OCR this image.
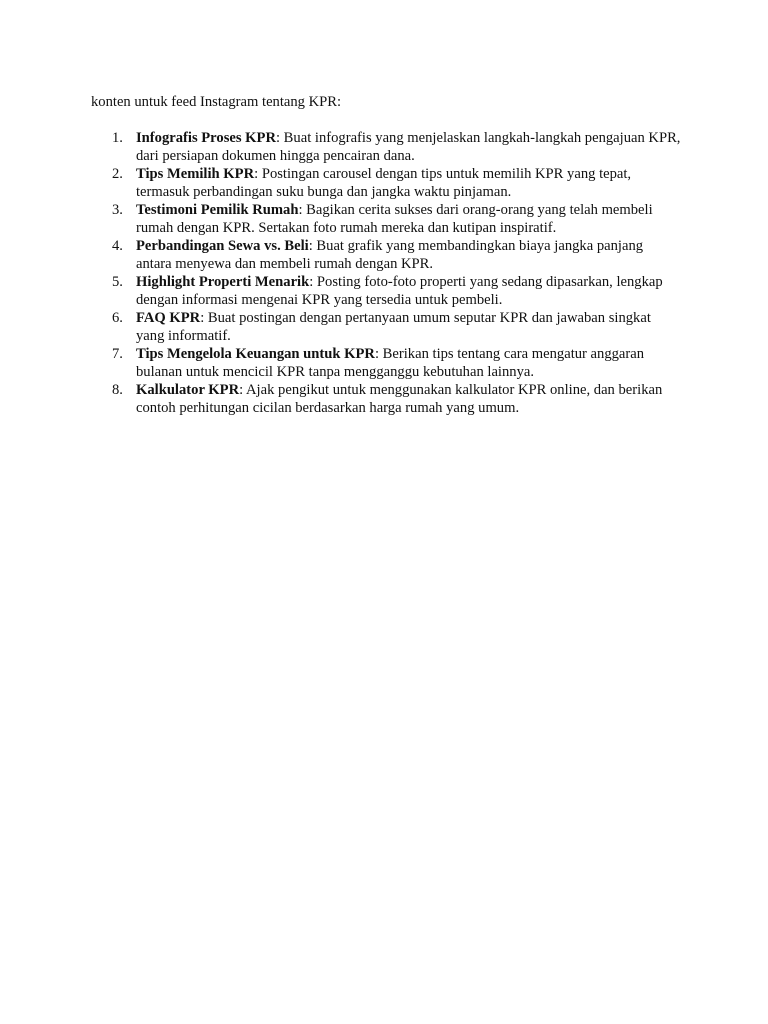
konten untuk feed Instagram tentang KPR:

1. Infografis Proses KPR: Buat infografis yang menjelaskan langkah-langkah pengajuan KPR, dari persiapan dokumen hingga pencairan dana.
2. Tips Memilih KPR: Postingan carousel dengan tips untuk memilih KPR yang tepat, termasuk perbandingan suku bunga dan jangka waktu pinjaman.
3. Testimoni Pemilik Rumah: Bagikan cerita sukses dari orang-orang yang telah membeli rumah dengan KPR. Sertakan foto rumah mereka dan kutipan inspiratif.
4. Perbandingan Sewa vs. Beli: Buat grafik yang membandingkan biaya jangka panjang antara menyewa dan membeli rumah dengan KPR.
5. Highlight Properti Menarik: Posting foto-foto properti yang sedang dipasarkan, lengkap dengan informasi mengenai KPR yang tersedia untuk pembeli.
6. FAQ KPR: Buat postingan dengan pertanyaan umum seputar KPR dan jawaban singkat yang informatif.
7. Tips Mengelola Keuangan untuk KPR: Berikan tips tentang cara mengatur anggaran bulanan untuk mencicil KPR tanpa mengganggu kebutuhan lainnya.
8. Kalkulator KPR: Ajak pengikut untuk menggunakan kalkulator KPR online, dan berikan contoh perhitungan cicilan berdasarkan harga rumah yang umum.
